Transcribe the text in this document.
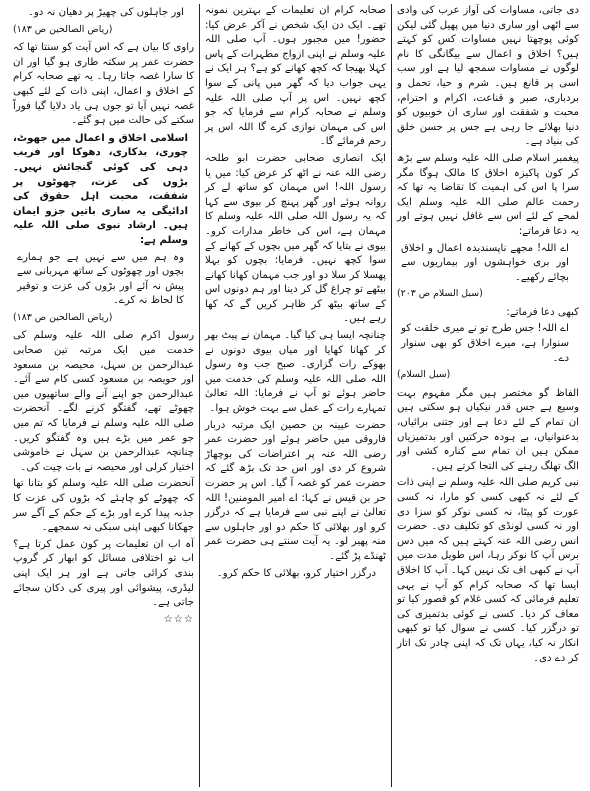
دی جاتی، مساوات کی آواز عرب کی وادی سے اٹھی اور ساری دنیا میں پھیل گئی لیکن کوئی پوچھتا نہیں مساوات کس کو کہتے ہیں؟ اخلاق و اعمال سے بیگانگی کا نام لوگوں نے مساوات سمجھ لیا ہے اور سب اسی پر قانع ہیں۔ شرم و حیا، تحمل و بردباری، صبر و قناعت، اکرام و احترام، محبت و شفقت اور ساری ان خوبیوں کو دنیا بھلائے جا رہی ہے جس پر حسن خلق کی بنیاد ہے۔

پیغمبر اسلام صلی اللہ علیہ وسلم سے بڑھ کر کون پاکیزہ اخلاق کا مالک ہوگا مگر سرا پا اس کی اہمیت کا تقاضا یہ تھا کہ رحمت عالم صلی اللہ علیہ وسلم ایک لمحے کے لئے اس سے غافل نہیں ہوتے اور یہ دعا فرماتے:

اے اللہ! مجھے ناپسندیدہ اعمال و اخلاق اور بری خواہشوں اور بیماریوں سے بچائے رکھیے۔

(سبل السلام ص ۲۰۳)

کبھی دعا فرماتے:

اے اللہ! جس طرح تو نے میری خلقت کو سنوارا ہے، میرے اخلاق کو بھی سنوار دے۔

(سبل السلام)

الفاظ گو مختصر ہیں مگر مفہوم بہت وسیع ہے جس قدر نیکیاں ہو سکتی ہیں ان تمام کے لئے دعا ہے اور جتنی برائیاں، بدعنوانیاں، بے ہودہ حرکتیں اور بدتمیزیاں ممکن ہیں ان تمام سے کنارہ کشی اور الگ تھلگ رہنے کی التجا کرتے ہیں۔

نبی کریم صلی اللہ علیہ وسلم نے اپنی ذات کے لئے نہ کبھی کسی کو مارا، نہ کسی عورت کو پیٹا، نہ کسی نوکر کو سزا دی اور نہ کسی لونڈی کو تکلیف دی۔ حضرت انس رضی اللہ عنہ کہتے ہیں کہ میں دس برس آپ کا نوکر رہا، اس طویل مدت میں آپ نے کبھی اف تک نہیں کہا۔ آپ کا اخلاق ایسا تھا کہ صحابہ کرام کو آپ نے یہی تعلیم فرمائی کہ کسی غلام کو قصور کیا تو معاف کر دیا۔ کسی نے کوئی بدتمیزی کی تو درگزر کیا۔ کسی نے سوال کیا تو کبھی انکار نہ کیا، یہاں تک کہ اپنی چادر تک اتار کر دے دی۔

صحابہ کرام ان تعلیمات کے بہترین نمونہ تھے۔ ایک دن ایک شخص نے آکر عرض کیا: حضور! میں مجبور ہوں۔ آپ صلی اللہ علیہ وسلم نے اپنی ازواج مطہرات کے پاس کہلا بھیجا کہ کچھ کھانے کو ہے؟ ہر ایک نے یہی جواب دیا کہ گھر میں پانی کے سوا کچھ نہیں۔ اس پر آپ صلی اللہ علیہ وسلم نے صحابہ کرام سے فرمایا کہ جو اس کی مہمان نوازی کرے گا اللہ اس پر رحم فرمائے گا۔

ایک انصاری صحابی حضرت ابو طلحہ رضی اللہ عنہ نے اٹھ کر عرض کیا: میں یا رسول اللہ! اس مہمان کو ساتھ لے کر روانہ ہوئے اور گھر پہنچ کر بیوی سے کہا کہ یہ رسول اللہ صلی اللہ علیہ وسلم کا مہمان ہے، اس کی خاطر مدارات کرو۔ بیوی نے بتایا کہ گھر میں بچوں کے کھانے کے سوا کچھ نہیں۔ فرمایا: بچوں کو بہلا پھسلا کر سلا دو اور جب مہمان کھانا کھانے بیٹھے تو چراغ گل کر دینا اور ہم دونوں اس کے ساتھ بیٹھ کر ظاہر کریں گے کہ کھا رہے ہیں۔

چنانچہ ایسا ہی کیا گیا۔ مہمان نے پیٹ بھر کر کھانا کھایا اور میاں بیوی دونوں نے بھوکے رات گزاری۔ صبح جب وہ رسول اللہ صلی اللہ علیہ وسلم کی خدمت میں حاضر ہوئے تو آپ نے فرمایا: اللہ تعالیٰ تمہارے رات کے عمل سے بہت خوش ہوا۔

حضرت عیینہ بن حصین ایک مرتبہ دربار فاروقی میں حاضر ہوئے اور حضرت عمر رضی اللہ عنہ پر اعتراضات کی بوچھاڑ شروع کر دی اور اس حد تک بڑھ گئے کہ حضرت عمر کو غصہ آ گیا۔ اس پر حضرت حر بن قیس نے کہا: اے امیر المومنین! اللہ تعالیٰ نے اپنے نبی سے فرمایا ہے کہ درگزر کرو اور بھلائی کا حکم دو اور جاہلوں سے منہ پھیر لو۔ یہ آیت سنتے ہی حضرت عمر ٹھنڈے پڑ گئے۔

درگزر اختیار کرو، بھلائی کا حکم کرو۔

اور جاہلوں کی چھیڑ پر دھیان نہ دو۔

(ریاض الصالحین ص ۱۸۳)

راوی کا بیان ہے کہ اس آیت کو سنتا تھا کہ حضرت عمر پر سکتہ طاری ہو گیا اور ان کا سارا غصہ جاتا رہا۔ یہ تھے صحابہ کرام کے اخلاق و اعمال، اپنی ذات کے لئے کبھی غصہ نہیں آیا تو جوں ہی یاد دلایا گیا فوراً سکتے کی حالت میں ہو گئے۔

اسلامی اخلاق و اعمال میں جھوٹ، چوری، بدکاری، دھوکا اور فریب دہی کی کوئی گنجائش نہیں۔ بڑوں کی عزت، چھوٹوں پر شفقت، محبت اہل حقوق کی ادائیگی یہ ساری باتیں جزو ایمان ہیں۔ ارشاد نبوی صلی اللہ علیہ وسلم ہے:

وہ ہم میں سے نہیں ہے جو ہمارے بچوں اور چھوٹوں کے ساتھ مہربانی سے پیش نہ آئے اور بڑوں کی عزت و توقیر کا لحاظ نہ کرے۔

(ریاض الصالحین ص ۱۸۳)

رسول اکرم صلی اللہ علیہ وسلم کی خدمت میں ایک مرتبہ تین صحابی عبدالرحمن بن سہل، محیصہ بن مسعود اور حویصہ بن مسعود کسی کام سے آئے۔ عبدالرحمن جو اپنے آنے والے ساتھیوں میں چھوٹے تھے، گفتگو کرنے لگے۔ آنحضرت صلی اللہ علیہ وسلم نے فرمایا کہ تم میں جو عمر میں بڑے ہیں وہ گفتگو کریں۔ چنانچہ عبدالرحمن بن سہل نے خاموشی اختیار کرلی اور محیصہ نے بات چیت کی۔

آنحضرت صلی اللہ علیہ وسلم کو بتانا تھا کہ چھوٹے کو چاہئے کہ بڑوں کی عزت کا جذبہ پیدا کرے اور بڑے کے حکم کے آگے سر جھکانا کبھی اپنی سبکی نہ سمجھے۔

آہ اب ان تعلیمات پر کون عمل کرتا ہے؟ اب تو اختلافی مسائل کو ابھار کر گروپ بندی کرائی جاتی ہے اور ہر ایک اپنی لیڈری، پیشوائی اور پیری کی دکان سجائے جاتی ہے۔

☆☆☆
